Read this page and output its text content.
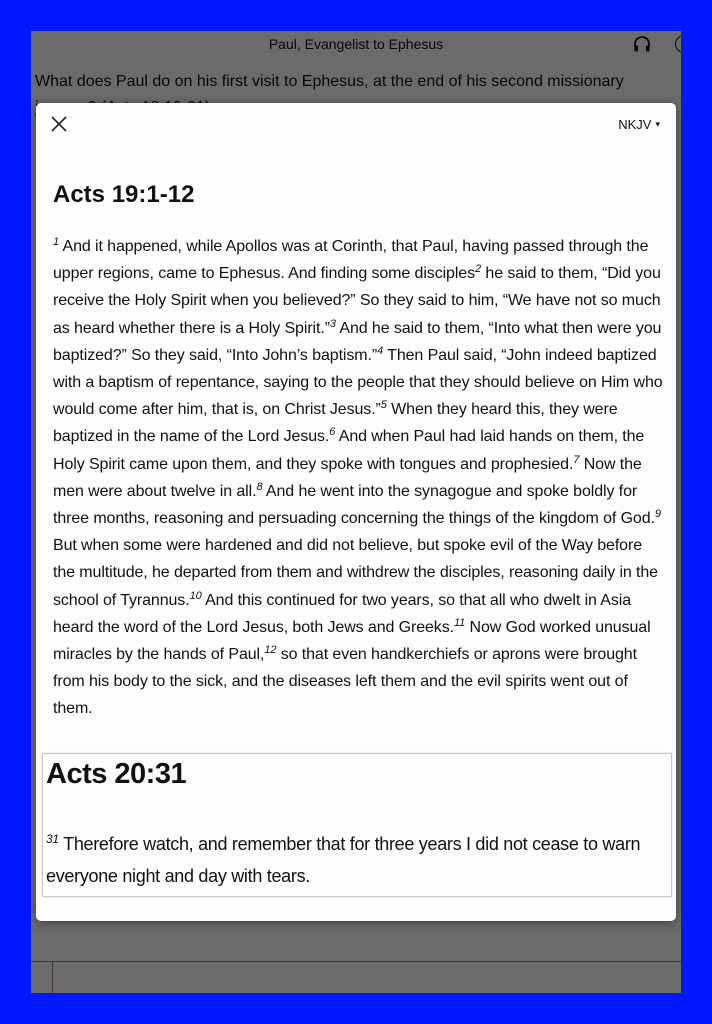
NKJV ▾
Acts 19:1-12
$^1$ And it happened, while Apollos was at Corinth, that Paul, having passed through the upper regions, came to Ephesus. And finding some disciples$^2$ he said to them, “Did you receive the Holy Spirit when you believed?” So they said to him, “We have not so much as heard whether there is a Holy Spirit.”$^3$ And he said to them, “Into what then were you baptized?” So they said, “Into John’s baptism.”$^4$ Then Paul said, “John indeed baptized with a baptism of repentance, saying to the people that they should believe on Him who would come after him, that is, on Christ Jesus.”$^5$ When they heard this, they were baptized in the name of the Lord Jesus.$^6$ And when Paul had laid hands on them, the Holy Spirit came upon them, and they spoke with tongues and prophesied.$^7$ Now the men were about twelve in all.$^8$ And he went into the synagogue and spoke boldly for three months, reasoning and persuading concerning the things of the kingdom of God.$^9$ But when some were hardened and did not believe, but spoke evil of the Way before the multitude, he departed from them and withdrew the disciples, reasoning daily in the school of Tyrannus.$^{10}$ And this continued for two years, so that all who dwelt in Asia heard the word of the Lord Jesus, both Jews and Greeks.$^{11}$ Now God worked unusual miracles by the hands of Paul,$^{12}$ so that even handkerchiefs or aprons were brought from his body to the sick, and the diseases left them and the evil spirits went out of them.
Acts 20:31
$^{31}$ Therefore watch, and remember that for three years I did not cease to warn everyone night and day with tears.
